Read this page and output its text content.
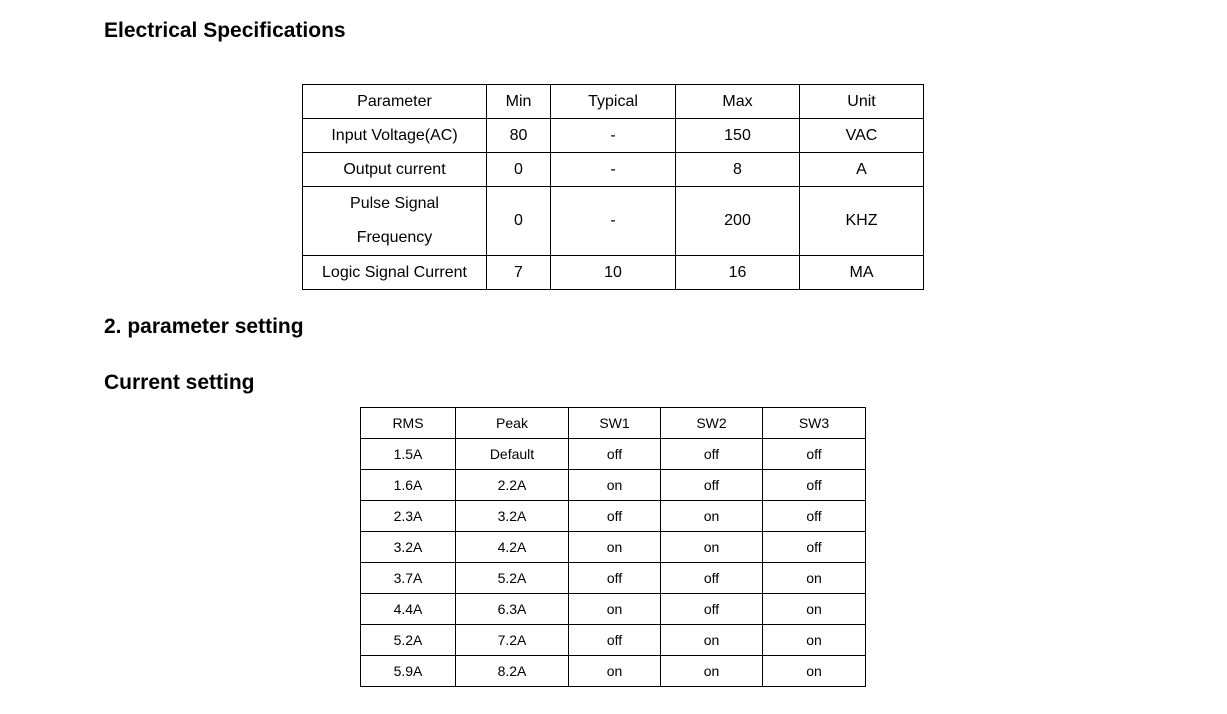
Electrical Specifications
Parameter	Min	Typical	Max	Unit
Input Voltage(AC)	80	-	150	VAC
Output current	0	-	8	A
Pulse Signal Frequency	0	-	200	KHZ
Logic Signal Current	7	10	16	MA
2. parameter setting
Current setting
RMS	Peak	SW1	SW2	SW3
1.5A	Default	off	off	off
1.6A	2.2A	on	off	off
2.3A	3.2A	off	on	off
3.2A	4.2A	on	on	off
3.7A	5.2A	off	off	on
4.4A	6.3A	on	off	on
5.2A	7.2A	off	on	on
5.9A	8.2A	on	on	on
